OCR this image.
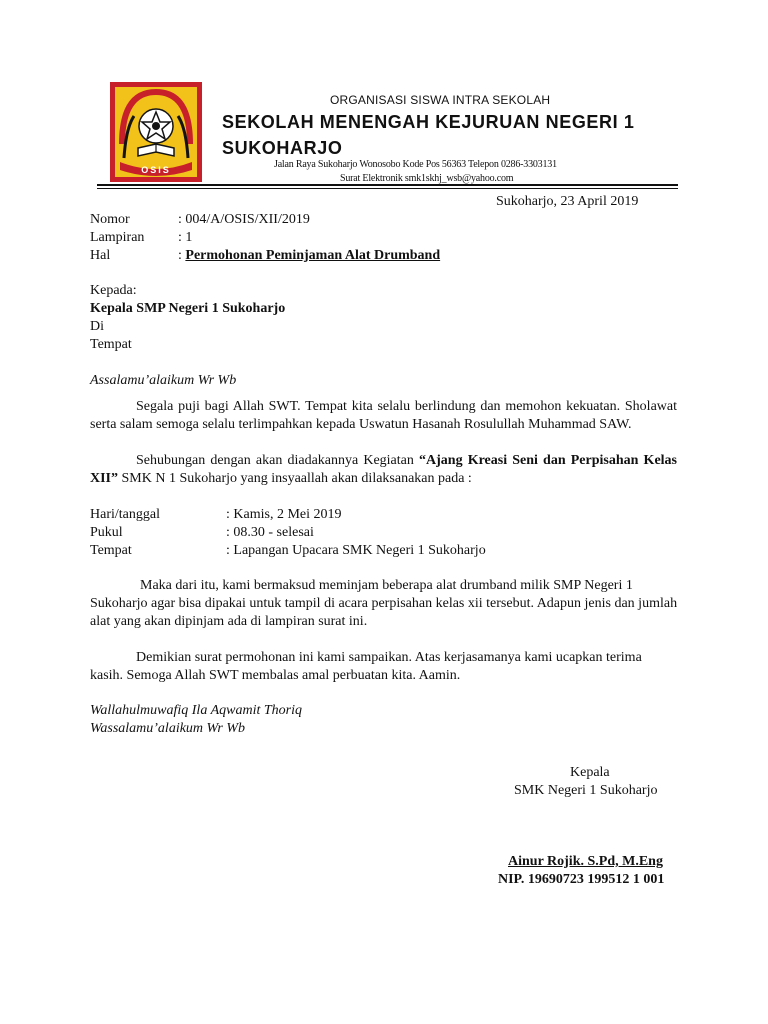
OSIS
ORGANISASI SISWA INTRA SEKOLAH
SEKOLAH MENENGAH KEJURUAN NEGERI 1 SUKOHARJO
Jalan Raya Sukoharjo Wonosobo Kode Pos 56363 Telepon 0286-3303131
Surat Elektronik smk1skhj_wsb@yahoo.com
Sukoharjo, 23 April 2019
Nomor	: 004/A/OSIS/XII/2019
Lampiran : 1
Hal	: Permohonan Peminjaman Alat Drumband
Kepada:
Kepala SMP Negeri 1 Sukoharjo
Di
Tempat
Assalamu’alaikum Wr Wb
Segala puji bagi Allah SWT. Tempat kita selalu berlindung dan memohon kekuatan. Sholawat serta salam semoga selalu terlimpahkan kepada Uswatun Hasanah Rosulullah Muhammad SAW.
Sehubungan dengan akan diadakannya Kegiatan “Ajang Kreasi Seni dan Perpisahan Kelas XII” SMK N 1 Sukoharjo yang insyaallah akan dilaksanakan pada :
Hari/tanggal	: Kamis, 2 Mei 2019
Pukul	: 08.30 - selesai
Tempat	: Lapangan Upacara SMK Negeri 1 Sukoharjo
Maka dari itu, kami bermaksud meminjam beberapa alat drumband milik SMP Negeri 1 Sukoharjo agar bisa dipakai untuk tampil di acara perpisahan kelas xii tersebut. Adapun jenis dan jumlah alat yang akan dipinjam ada di lampiran surat ini.
Demikian surat permohonan ini kami sampaikan. Atas kerjasamanya kami ucapkan terima kasih. Semoga Allah SWT membalas amal perbuatan kita. Aamin.
Wallahulmuwafiq Ila Aqwamit Thoriq
Wassalamu’alaikum Wr Wb
Kepala
SMK Negeri 1 Sukoharjo
Ainur Rojik. S.Pd, M.Eng
NIP. 19690723 199512 1 001
